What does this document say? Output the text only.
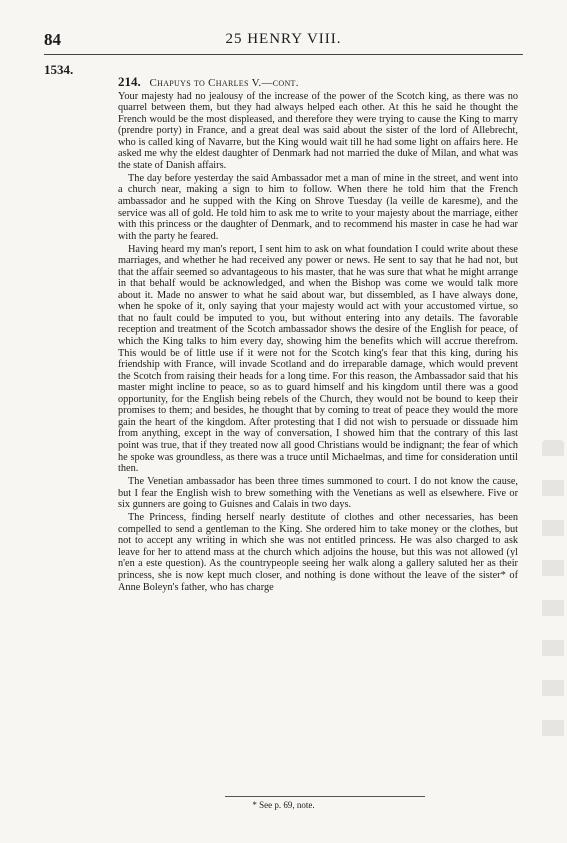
84	25 HENRY VIII.
1534.
214. Chapuys to Charles V.—cont.

Your majesty had no jealousy of the increase of the power of the Scotch king, as there was no quarrel between them, but they had always helped each other. At this he said he thought the French would be the most displeased, and therefore they were trying to cause the King to marry (prendre porty) in France, and a great deal was said about the sister of the lord of Allebrecht, who is called king of Navarre, but the King would wait till he had some light on affairs here. He asked me why the eldest daughter of Denmark had not married the duke of Milan, and what was the state of Danish affairs.

The day before yesterday the said Ambassador met a man of mine in the street, and went into a church near, making a sign to him to follow. When there he told him that the French ambassador and he supped with the King on Shrove Tuesday (la veille de karesme), and the service was all of gold. He told him to ask me to write to your majesty about the marriage, either with this princess or the daughter of Denmark, and to recommend his master in case he had war with the party he feared.

Having heard my man's report, I sent him to ask on what foundation I could write about these marriages, and whether he had received any power or news. He sent to say that he had not, but that the affair seemed so advantageous to his master, that he was sure that what he might arrange in that behalf would be acknowledged, and when the Bishop was come we would talk more about it. Made no answer to what he said about war, but dissembled, as I have always done, when he spoke of it, only saying that your majesty would act with your accustomed virtue, so that no fault could be imputed to you, but without entering into any details. The favorable reception and treatment of the Scotch ambassador shows the desire of the English for peace, of which the King talks to him every day, showing him the benefits which will accrue therefrom. This would be of little use if it were not for the Scotch king's fear that this king, during his friendship with France, will invade Scotland and do irreparable damage, which would prevent the Scotch from raising their heads for a long time. For this reason, the Ambassador said that his master might incline to peace, so as to guard himself and his kingdom until there was a good opportunity, for the English being rebels of the Church, they would not be bound to keep their promises to them; and besides, he thought that by coming to treat of peace they would the more gain the heart of the kingdom. After protesting that I did not wish to persuade or dissuade him from anything, except in the way of conversation, I showed him that the contrary of this last point was true, that if they treated now all good Christians would be indignant; the fear of which he spoke was groundless, as there was a truce until Michaelmas, and time for consideration until then.

The Venetian ambassador has been three times summoned to court. I do not know the cause, but I fear the English wish to brew something with the Venetians as well as elsewhere. Five or six gunners are going to Guisnes and Calais in two days.

The Princess, finding herself nearly destitute of clothes and other necessaries, has been compelled to send a gentleman to the King. She ordered him to take money or the clothes, but not to accept any writing in which she was not entitled princess. He was also charged to ask leave for her to attend mass at the church which adjoins the house, but this was not allowed (yl n'en a este question). As the countrypeople seeing her walk along a gallery saluted her as their princess, she is now kept much closer, and nothing is done without the leave of the sister* of Anne Boleyn's father, who has charge

* See p. 69, note.
